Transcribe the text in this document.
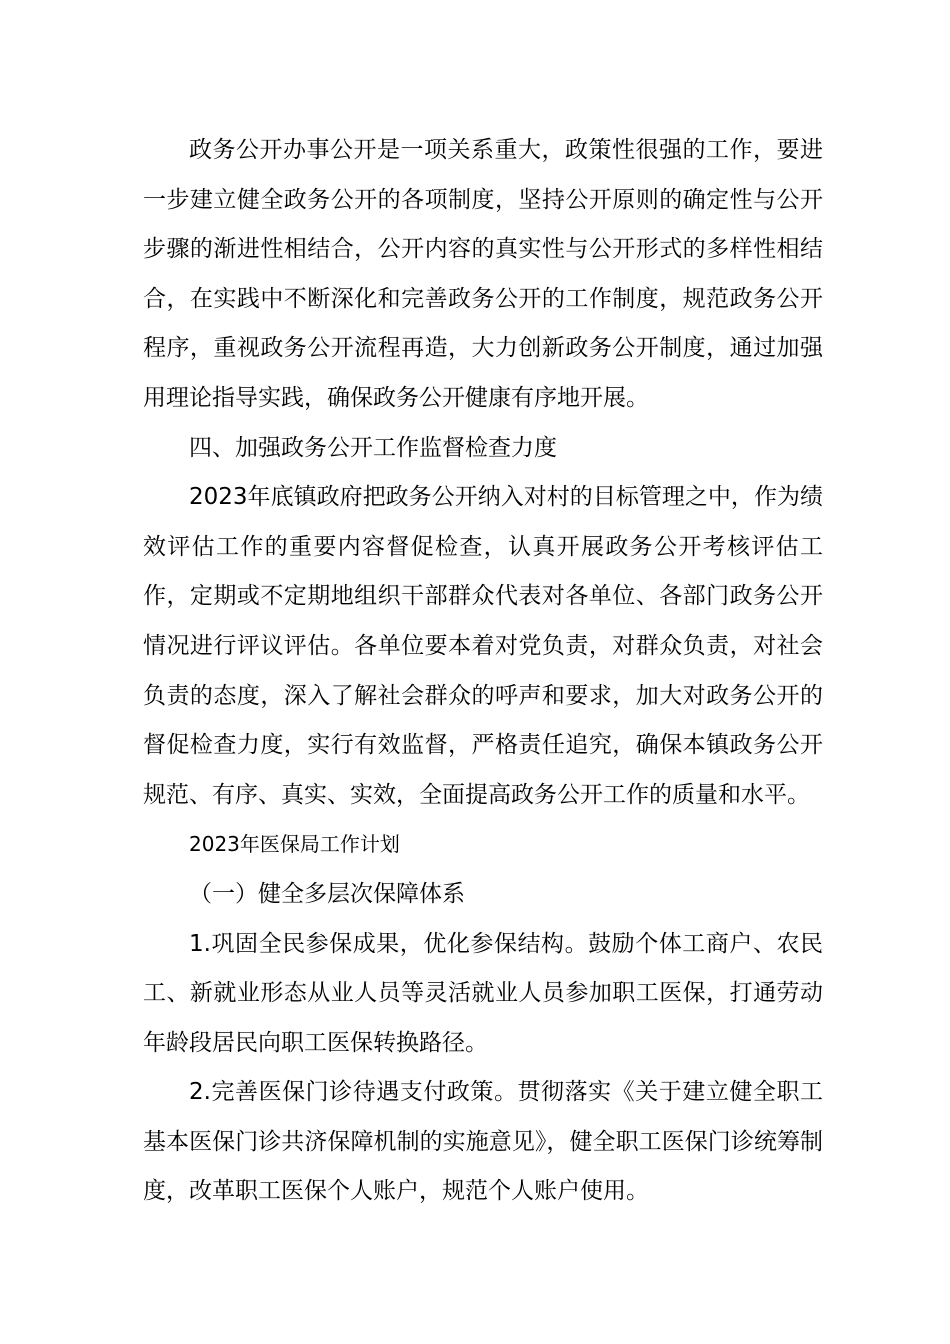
政务公开办事公开是一项关系重大，政策性很强的工作，要进一步建立健全政务公开的各项制度，坚持公开原则的确定性与公开步骤的渐进性相结合，公开内容的真实性与公开形式的多样性相结合，在实践中不断深化和完善政务公开的工作制度，规范政务公开程序，重视政务公开流程再造，大力创新政务公开制度，通过加强用理论指导实践，确保政务公开健康有序地开展。

四、加强政务公开工作监督检查力度

2023年底镇政府把政务公开纳入对村的目标管理之中，作为绩效评估工作的重要内容督促检查，认真开展政务公开考核评估工作，定期或不定期地组织干部群众代表对各单位、各部门政务公开情况进行评议评估。各单位要本着对党负责，对群众负责，对社会负责的态度，深入了解社会群众的呼声和要求，加大对政务公开的督促检查力度，实行有效监督，严格责任追究，确保本镇政务公开规范、有序、真实、实效，全面提高政务公开工作的质量和水平。

2023年医保局工作计划

（一）健全多层次保障体系

1.巩固全民参保成果，优化参保结构。鼓励个体工商户、农民工、新就业形态从业人员等灵活就业人员参加职工医保，打通劳动年龄段居民向职工医保转换路径。

2.完善医保门诊待遇支付政策。贯彻落实《关于建立健全职工基本医保门诊共济保障机制的实施意见》，健全职工医保门诊统筹制度，改革职工医保个人账户，规范个人账户使用。
